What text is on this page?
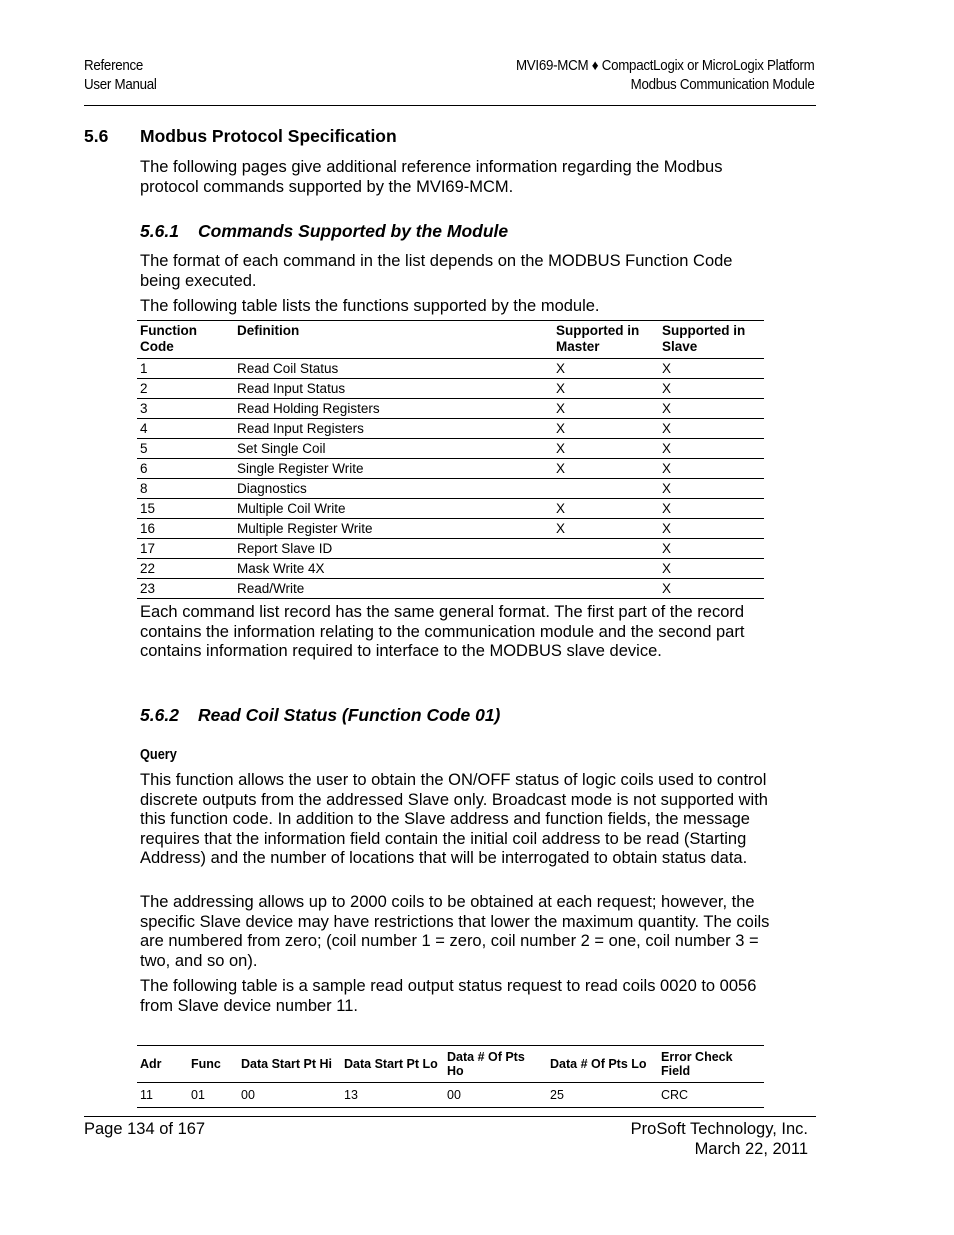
Reference
User Manual
MVI69-MCM ♦ CompactLogix or MicroLogix Platform
Modbus Communication Module
5.6 Modbus Protocol Specification
The following pages give additional reference information regarding the Modbus protocol commands supported by the MVI69-MCM.
5.6.1 Commands Supported by the Module
The format of each command in the list depends on the MODBUS Function Code being executed.
The following table lists the functions supported by the module.
Function Code	Definition	Supported in Master	Supported in Slave
1	Read Coil Status	X	X
2	Read Input Status	X	X
3	Read Holding Registers	X	X
4	Read Input Registers	X	X
5	Set Single Coil	X	X
6	Single Register Write	X	X
8	Diagnostics		X
15	Multiple Coil Write	X	X
16	Multiple Register Write	X	X
17	Report Slave ID		X
22	Mask Write 4X		X
23	Read/Write		X
Each command list record has the same general format. The first part of the record contains the information relating to the communication module and the second part contains information required to interface to the MODBUS slave device.
5.6.2 Read Coil Status (Function Code 01)
Query
This function allows the user to obtain the ON/OFF status of logic coils used to control discrete outputs from the addressed Slave only. Broadcast mode is not supported with this function code. In addition to the Slave address and function fields, the message requires that the information field contain the initial coil address to be read (Starting Address) and the number of locations that will be interrogated to obtain status data.
The addressing allows up to 2000 coils to be obtained at each request; however, the specific Slave device may have restrictions that lower the maximum quantity. The coils are numbered from zero; (coil number 1 = zero, coil number 2 = one, coil number 3 = two, and so on).
The following table is a sample read output status request to read coils 0020 to 0056 from Slave device number 11.
Adr	Func	Data Start Pt Hi	Data Start Pt Lo	Data # Of Pts Ho	Data # Of Pts Lo	Error Check Field
11	01	00	13	00	25	CRC
Page 134 of 167	ProSoft Technology, Inc.
March 22, 2011
